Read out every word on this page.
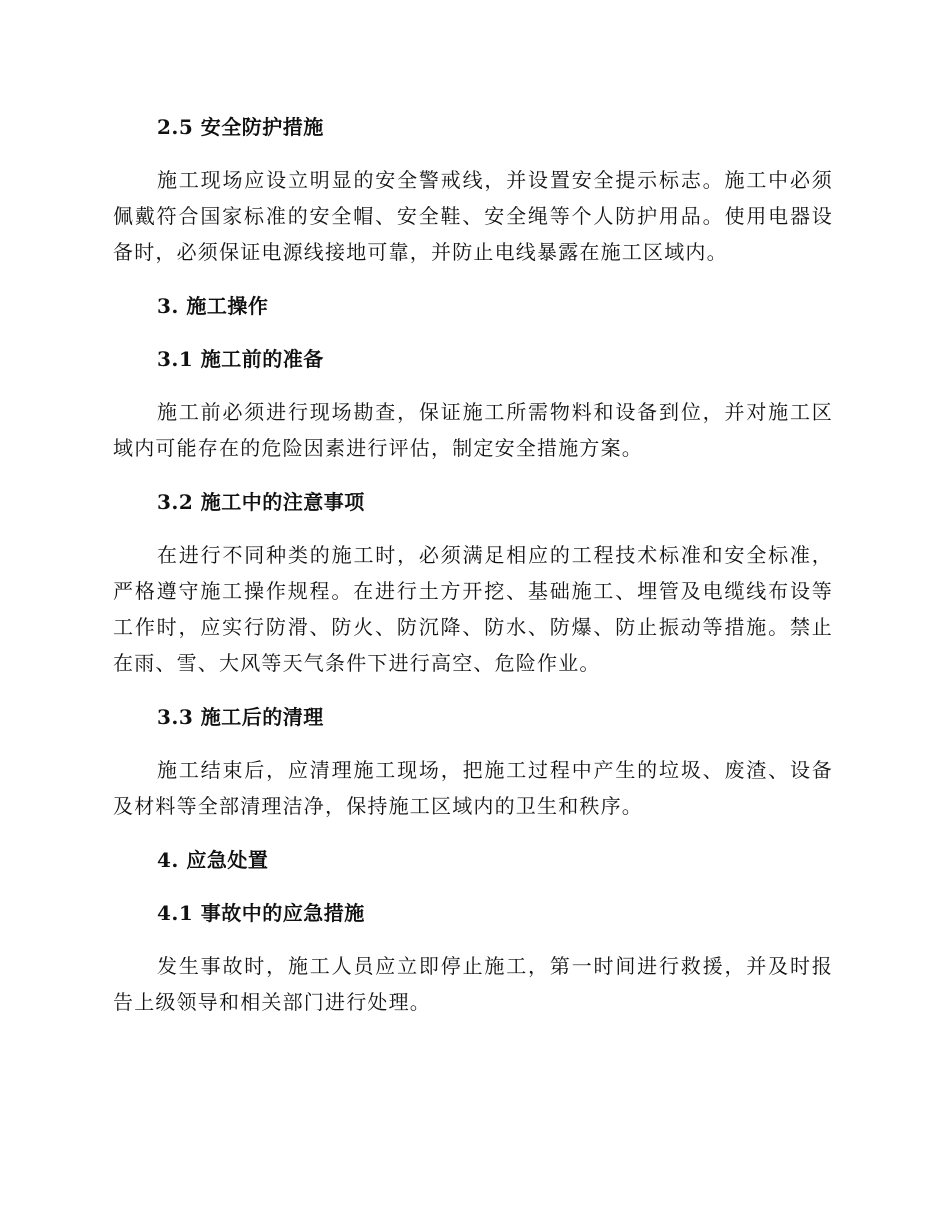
2.5 安全防护措施
施工现场应设立明显的安全警戒线，并设置安全提示标志。施工中必须佩戴符合国家标准的安全帽、安全鞋、安全绳等个人防护用品。使用电器设备时，必须保证电源线接地可靠，并防止电线暴露在施工区域内。
3. 施工操作
3.1 施工前的准备
施工前必须进行现场勘查，保证施工所需物料和设备到位，并对施工区域内可能存在的危险因素进行评估，制定安全措施方案。
3.2 施工中的注意事项
在进行不同种类的施工时，必须满足相应的工程技术标准和安全标准，严格遵守施工操作规程。在进行土方开挖、基础施工、埋管及电缆线布设等工作时，应实行防滑、防火、防沉降、防水、防爆、防止振动等措施。禁止在雨、雪、大风等天气条件下进行高空、危险作业。
3.3 施工后的清理
施工结束后，应清理施工现场，把施工过程中产生的垃圾、废渣、设备及材料等全部清理洁净，保持施工区域内的卫生和秩序。
4. 应急处置
4.1 事故中的应急措施
发生事故时，施工人员应立即停止施工，第一时间进行救援，并及时报告上级领导和相关部门进行处理。
